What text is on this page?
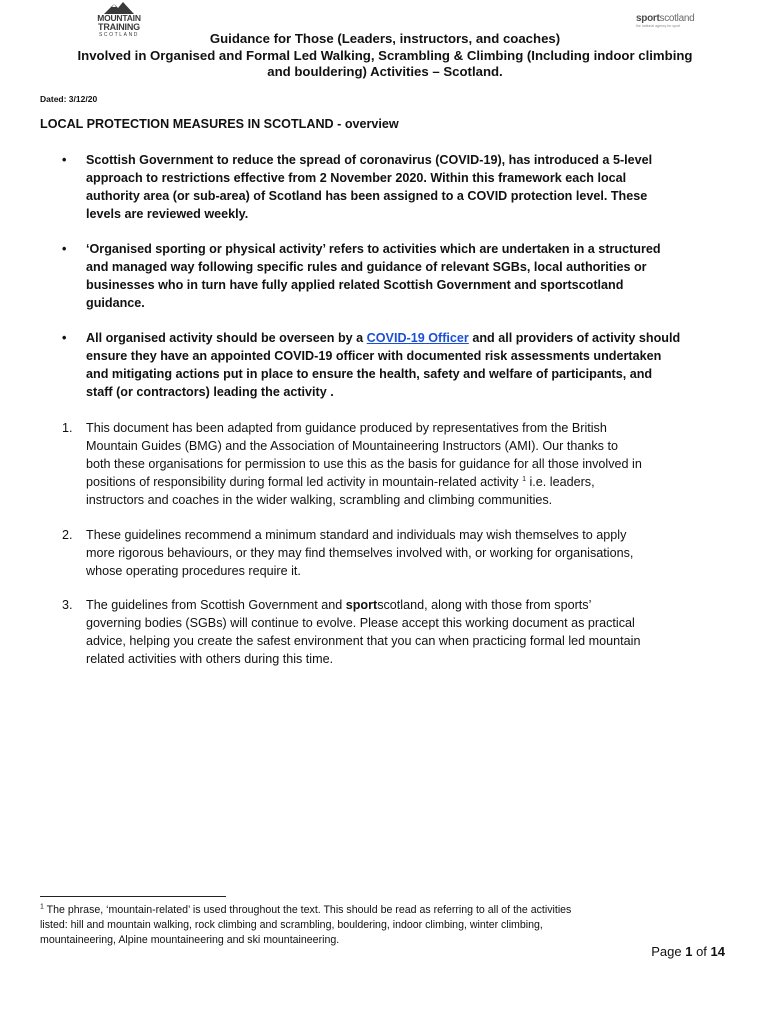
MOUNTAIN
TRAINING
SCOTLAND
sportscotland
the national agency for sport
Guidance for Those (Leaders, instructors, and coaches)
Involved in Organised and Formal Led Walking, Scrambling & Climbing (Including indoor climbing
and bouldering) Activities – Scotland.
Dated: 3/12/20
LOCAL PROTECTION MEASURES IN SCOTLAND - overview
•	Scottish Government to reduce the spread of coronavirus (COVID-19), has introduced a 5-level
approach to restrictions effective from 2 November 2020. Within this framework each local
authority area (or sub-area) of Scotland has been assigned to a COVID protection level. These
levels are reviewed weekly.
•	‘Organised sporting or physical activity’ refers to activities which are undertaken in a structured
and managed way following specific rules and guidance of relevant SGBs, local authorities or
businesses who in turn have fully applied related Scottish Government and sportscotland
guidance.
•	All organised activity should be overseen by a COVID-19 Officer and all providers of activity should
ensure they have an appointed COVID-19 officer with documented risk assessments undertaken
and mitigating actions put in place to ensure the health, safety and welfare of participants, and
staff (or contractors) leading the activity .
1. This document has been adapted from guidance produced by representatives from the British
Mountain Guides (BMG) and the Association of Mountaineering Instructors (AMI). Our thanks to
both these organisations for permission to use this as the basis for guidance for all those involved in
positions of responsibility during formal led activity in mountain-related activity $^1$ i.e. leaders,
instructors and coaches in the wider walking, scrambling and climbing communities.
2. These guidelines recommend a minimum standard and individuals may wish themselves to apply
more rigorous behaviours, or they may find themselves involved with, or working for organisations,
whose operating procedures require it.
3. The guidelines from Scottish Government and sportscotland, along with those from sports’
governing bodies (SGBs) will continue to evolve. Please accept this working document as practical
advice, helping you create the safest environment that you can when practicing formal led mountain
related activities with others during this time.
$^1$ The phrase, ‘mountain-related’ is used throughout the text. This should be read as referring to all of the activities
listed: hill and mountain walking, rock climbing and scrambling, bouldering, indoor climbing, winter climbing,
mountaineering, Alpine mountaineering and ski mountaineering.
Page 1 of 14
